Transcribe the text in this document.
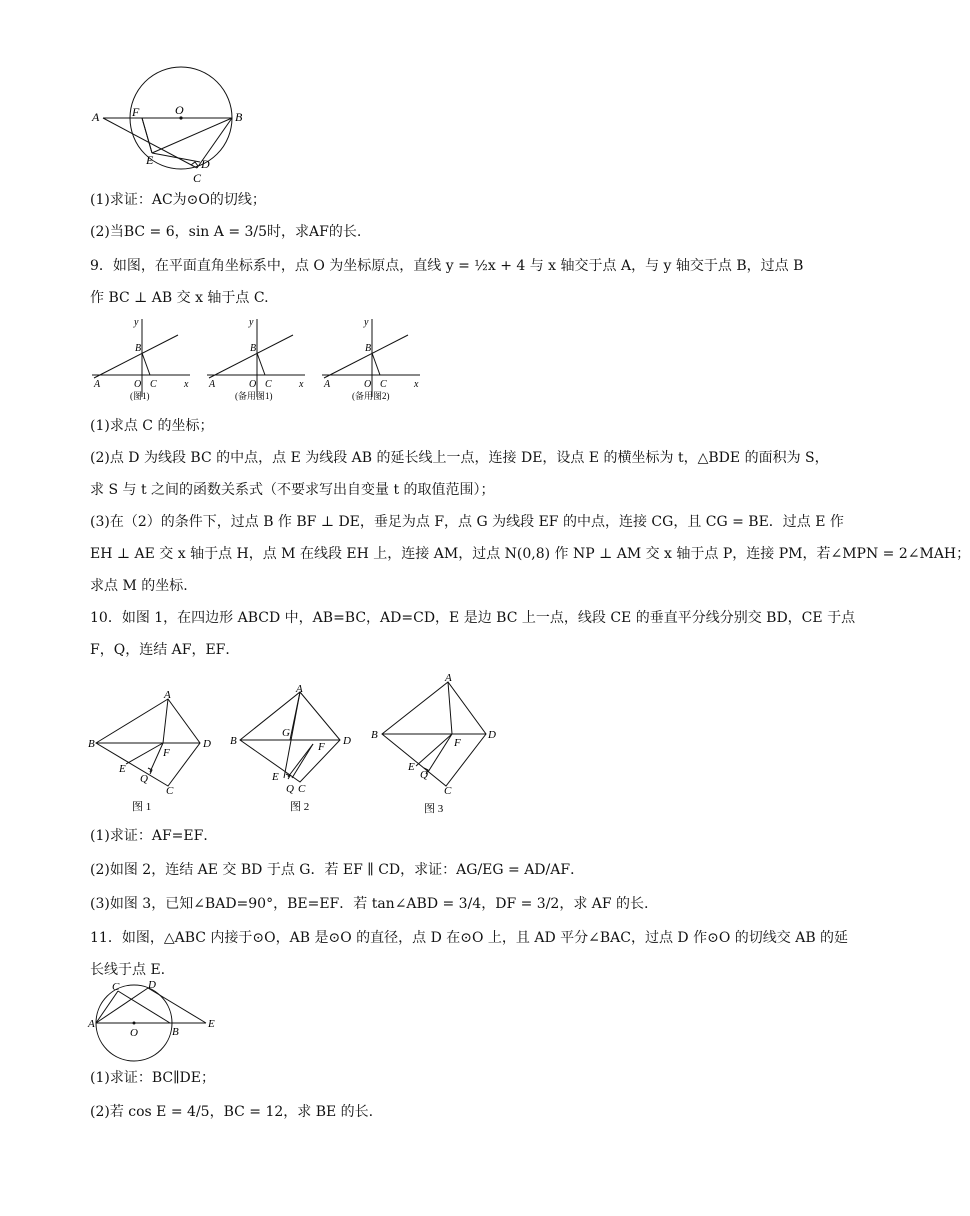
A	F	O	B
E	D
C
(1)求证：AC为⊙O的切线；
(2)当BC = 6，sin A = 3/5时，求AF的长.
9．如图，在平面直角坐标系中，点 O 为坐标原点，直线 y = ½x + 4 与 x 轴交于点 A，与 y 轴交于点 B，过点 B
作 BC ⊥ AB 交 x 轴于点 C.
y
B
A	O C	x
(图1)
y
B
A	O C	x
(备用图1)
y
B
A	O C	x
(备用图2)
(1)求点 C 的坐标；
(2)点 D 为线段 BC 的中点，点 E 为线段 AB 的延长线上一点，连接 DE，设点 E 的横坐标为 t，△BDE 的面积为 S，
求 S 与 t 之间的函数关系式（不要求写出自变量 t 的取值范围）；
(3)在（2）的条件下，过点 B 作 BF ⊥ DE，垂足为点 F，点 G 为线段 EF 的中点，连接 CG，且 CG = BE．过点 E 作
EH ⊥ AE 交 x 轴于点 H，点 M 在线段 EH 上，连接 AM，过点 N(0,8) 作 NP ⊥ AM 交 x 轴于点 P，连接 PM，若∠MPN = 2∠MAH；
求点 M 的坐标.
10．如图 1，在四边形 ABCD 中，AB=BC，AD=CD，E 是边 BC 上一点，线段 CE 的垂直平分线分别交 BD，CE 于点
F，Q，连结 AF，EF．
A
B	D
F
E
Q
C
图 1
A
B	D
G
F
E
Q C
图 2
A
B	D
F
E
Q
C
图 3
(1)求证：AF=EF．
(2)如图 2，连结 AE 交 BD 于点 G．若 EF ∥ CD，求证：AG/EG = AD/AF．
(3)如图 3，已知∠BAD=90°，BE=EF．若 tan∠ABD = 3/4，DF = 3/2，求 AF 的长.
11．如图，△ABC 内接于⊙O，AB 是⊙O 的直径，点 D 在⊙O 上，且 AD 平分∠BAC，过点 D 作⊙O 的切线交 AB 的延
长线于点 E.
C	D
A
O	B
E
(1)求证：BC∥DE；
(2)若 cos E = 4/5，BC = 12，求 BE 的长.
